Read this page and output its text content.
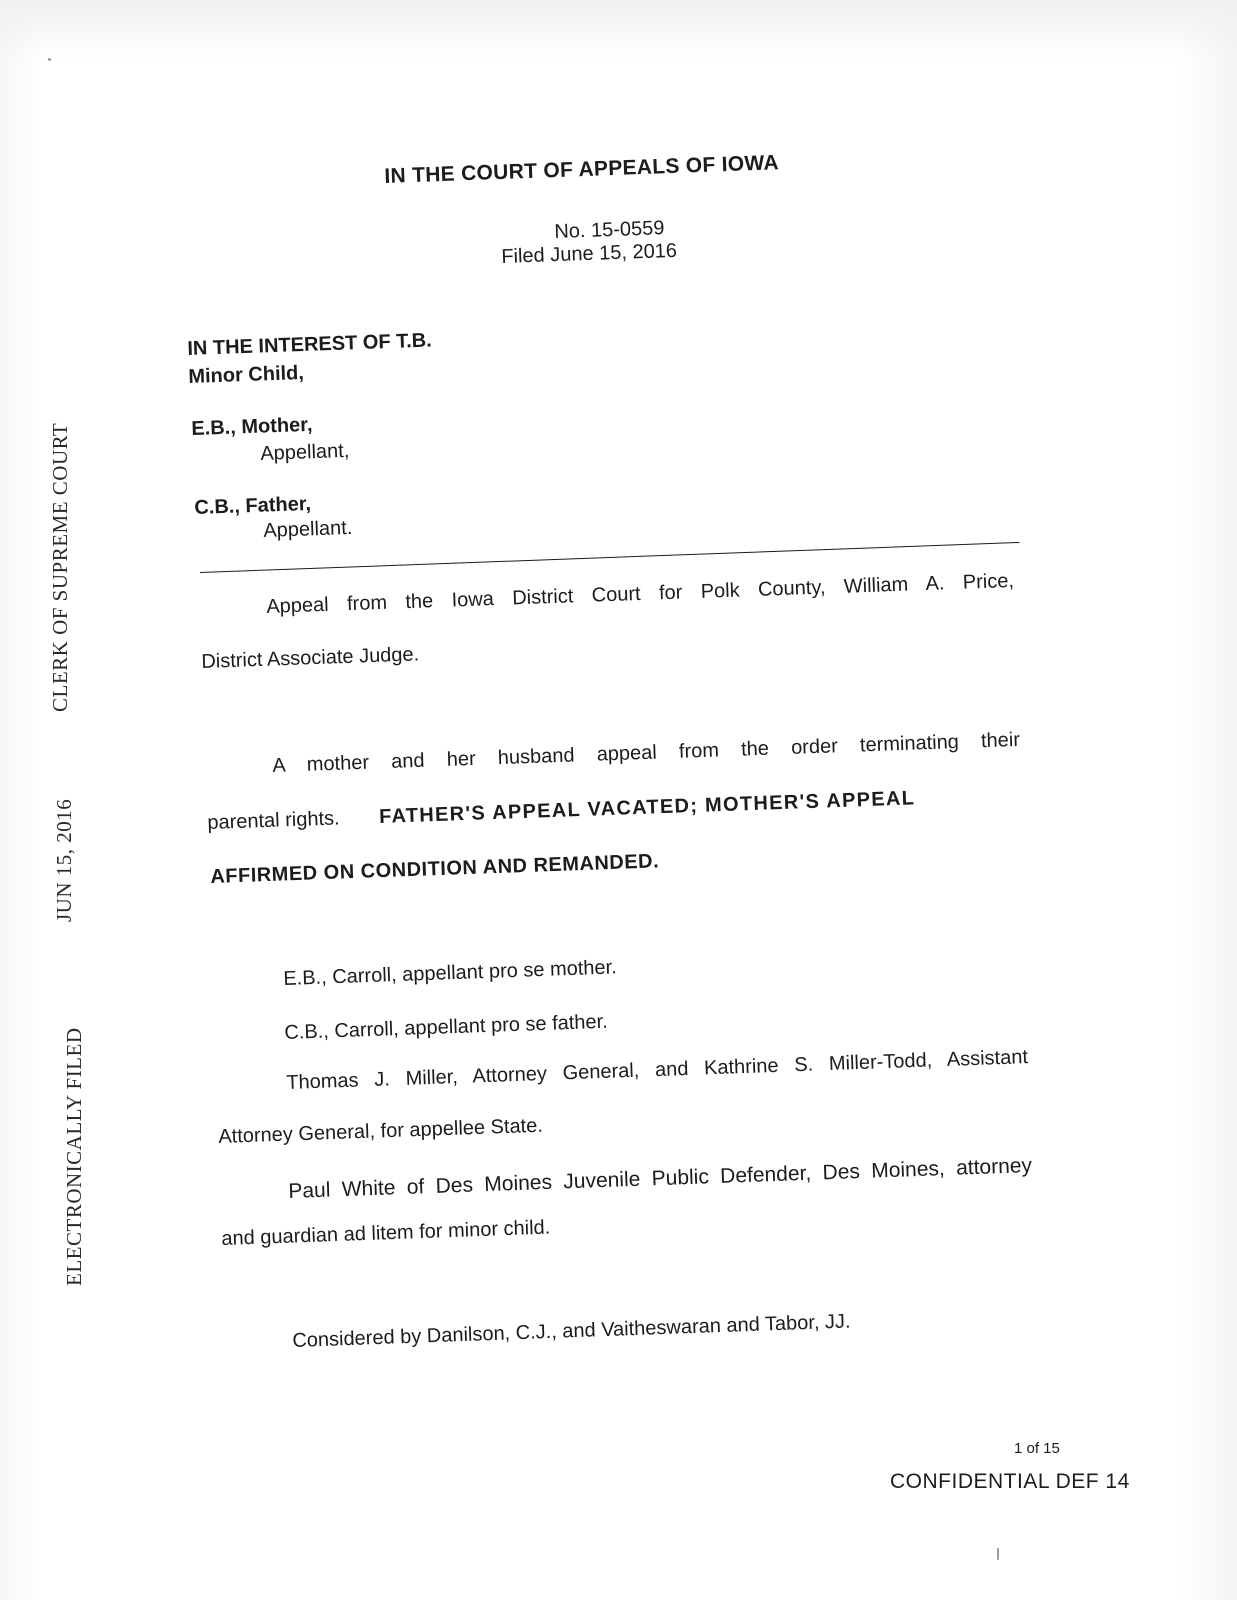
CLERK OF SUPREME COURT
JUN 15, 2016
ELECTRONICALLY FILED
IN THE COURT OF APPEALS OF IOWA
No. 15-0559
Filed June 15, 2016
IN THE INTEREST OF T.B.
Minor Child,
E.B., Mother,
Appellant,
C.B., Father,
Appellant.
Appeal from the Iowa District Court for Polk County, William A. Price,
District Associate Judge.
A mother and her husband appeal from the order terminating their
parental rights. FATHER'S APPEAL VACATED; MOTHER'S APPEAL
AFFIRMED ON CONDITION AND REMANDED.
E.B., Carroll, appellant pro se mother.
C.B., Carroll, appellant pro se father.
Thomas J. Miller, Attorney General, and Kathrine S. Miller-Todd, Assistant
Attorney General, for appellee State.
Paul White of Des Moines Juvenile Public Defender, Des Moines, attorney
and guardian ad litem for minor child.
Considered by Danilson, C.J., and Vaitheswaran and Tabor, JJ.
1 of 15
CONFIDENTIAL DEF 14
